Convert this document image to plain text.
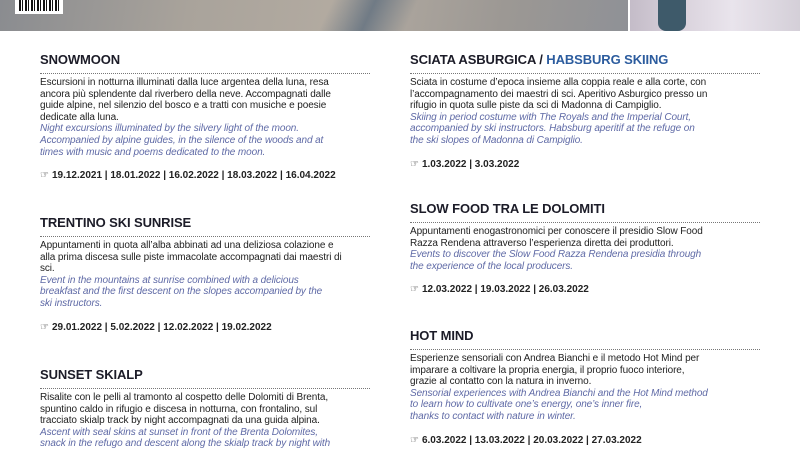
SNOWMOON

Escursioni in notturna illuminati dalla luce argentea della luna, resa
ancora più splendente dal riverbero della neve. Accompagnati dalle
guide alpine, nel silenzio del bosco e a tratti con musiche e poesie
dedicate alla luna.

Night excursions illuminated by the silvery light of the moon.
Accompanied by alpine guides, in the silence of the woods and at
times with music and poems dedicated to the moon.

☞ 19.12.2021 | 18.01.2022 | 16.02.2022 | 18.03.2022 | 16.04.2022
TRENTINO SKI SUNRISE

Appuntamenti in quota all’alba abbinati ad una deliziosa colazione e
alla prima discesa sulle piste immacolate accompagnati dai maestri di
sci.

Event in the mountains at sunrise combined with a delicious
breakfast and the first descent on the slopes accompanied by the
ski instructors.

☞ 29.01.2022 | 5.02.2022 | 12.02.2022 | 19.02.2022
SUNSET SKIALP

Risalite con le pelli al tramonto al cospetto delle Dolomiti di Brenta,
spuntino caldo in rifugio e discesa in notturna, con frontalino, sul
tracciato skialp track by night accompagnati da una guida alpina.

Ascent with seal skins at sunset in front of the Brenta Dolomites,
snack in the refugo and descent along the skialp track by night with

SCIATA ASBURGICA / HABSBURG SKIING

Sciata in costume d’epoca insieme alla coppia reale e alla corte, con
l’accompagnamento dei maestri di sci. Aperitivo Asburgico presso un
rifugio in quota sulle piste da sci di Madonna di Campiglio.

Skiing in period costume with The Royals and the Imperial Court,
accompanied by ski instructors. Habsburg aperitif at the refuge on
the ski slopes of Madonna di Campiglio.

☞ 1.03.2022 | 3.03.2022
SLOW FOOD TRA LE DOLOMITI

Appuntamenti enogastronomici per conoscere il presidio Slow Food
Razza Rendena attraverso l’esperienza diretta dei produttori.

Events to discover the Slow Food Razza Rendena presidia through
the experience of the local producers.

☞ 12.03.2022 | 19.03.2022 | 26.03.2022
HOT MIND

Esperienze sensoriali con Andrea Bianchi e il metodo Hot Mind per
imparare a coltivare la propria energia, il proprio fuoco interiore,
grazie al contatto con la natura in inverno.

Sensorial experiences with Andrea Bianchi and the Hot Mind method
to learn how to cultivate one’s energy, one’s inner fire,
thanks to contact with nature in winter.

☞ 6.03.2022 | 13.03.2022 | 20.03.2022 | 27.03.2022
